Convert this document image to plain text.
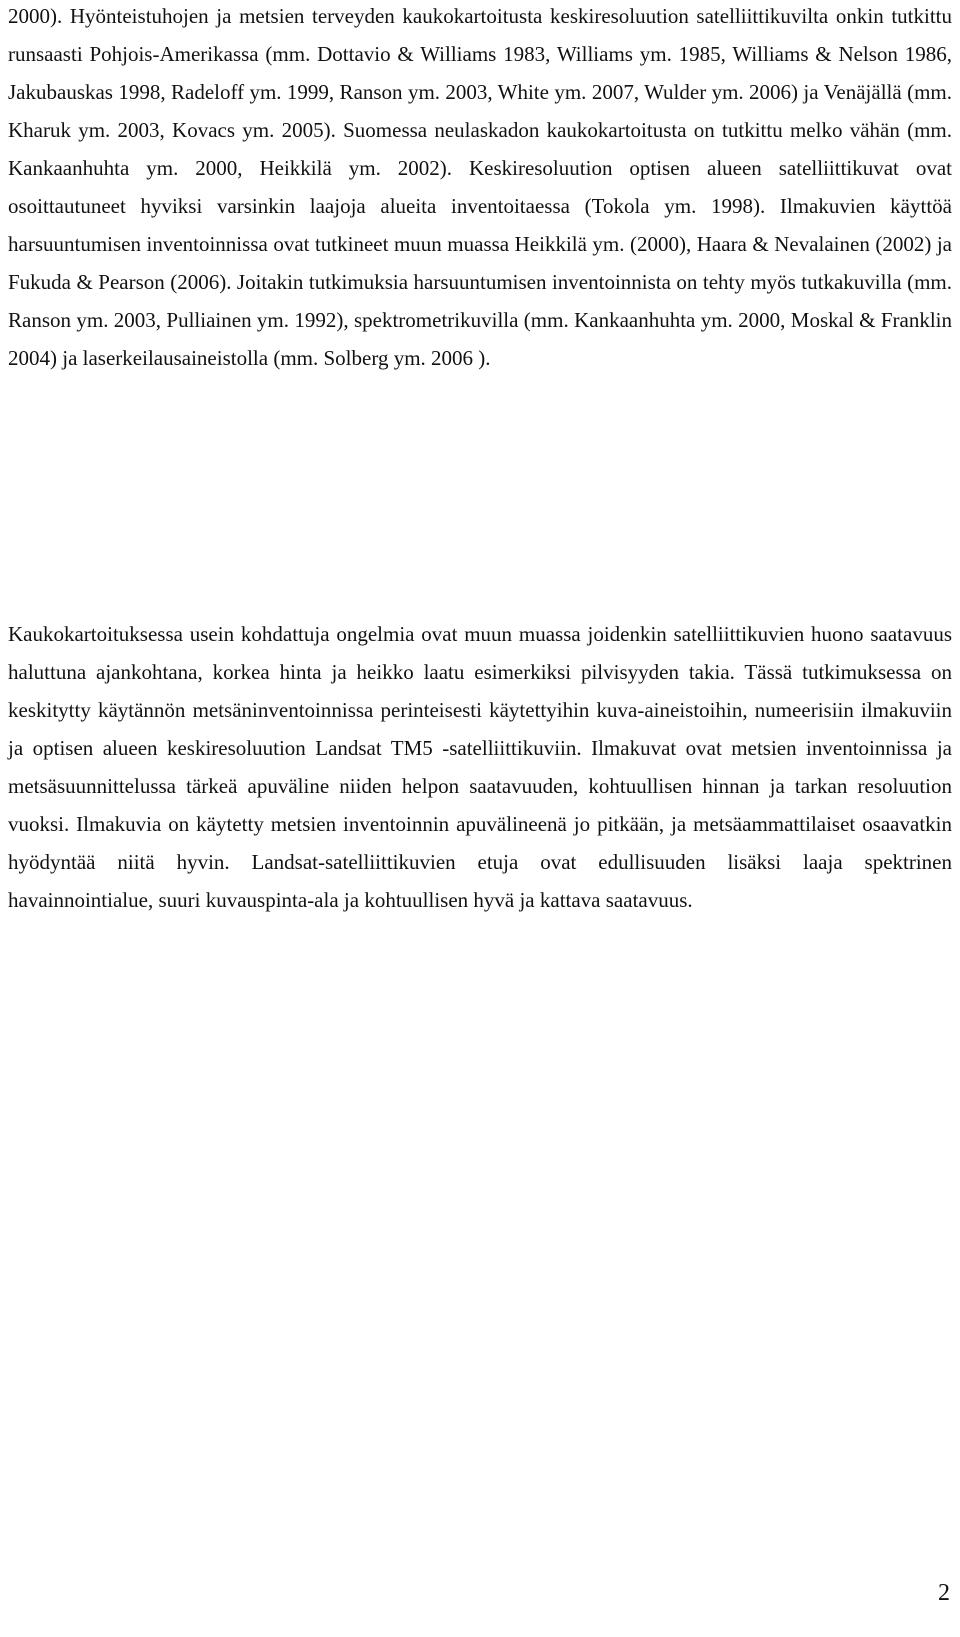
2000). Hyönteistuhojen ja metsien terveyden kaukokartoitusta keskiresoluution satelliittikuvilta onkin tutkittu runsaasti Pohjois-Amerikassa (mm. Dottavio & Williams 1983, Williams ym. 1985, Williams & Nelson 1986, Jakubauskas 1998, Radeloff ym. 1999, Ranson ym. 2003, White ym. 2007, Wulder ym. 2006) ja Venäjällä (mm. Kharuk ym. 2003, Kovacs ym. 2005). Suomessa neulaskadon kaukokartoitusta on tutkittu melko vähän (mm. Kankaanhuhta ym. 2000, Heikkilä ym. 2002). Keskiresoluution optisen alueen satelliittikuvat ovat osoittautuneet hyviksi varsinkin laajoja alueita inventoitaessa (Tokola ym. 1998). Ilmakuvien käyttöä harsuuntumisen inventoinnissa ovat tutkineet muun muassa Heikkilä ym. (2000), Haara & Nevalainen (2002) ja Fukuda & Pearson (2006). Joitakin tutkimuksia harsuuntumisen inventoinnista on tehty myös tutkakuvilla (mm. Ranson ym. 2003, Pulliainen ym. 1992), spektrometrikuvilla (mm. Kankaanhuhta ym. 2000, Moskal & Franklin 2004) ja laserkeilausaineistolla (mm. Solberg ym. 2006 ).

Kaukokartoituksessa usein kohdattuja ongelmia ovat muun muassa joidenkin satelliittikuvien huono saatavuus haluttuna ajankohtana, korkea hinta ja heikko laatu esimerkiksi pilvisyyden takia. Tässä tutkimuksessa on keskitytty käytännön metsäninventoinnissa perinteisesti käytettyihin kuva-aineistoihin, numeerisiin ilmakuviin ja optisen alueen keskiresoluution Landsat TM5 -satelliittikuviin. Ilmakuvat ovat metsien inventoinnissa ja metsäsuunnittelussa tärkeä apuväline niiden helpon saatavuuden, kohtuullisen hinnan ja tarkan resoluution vuoksi. Ilmakuvia on käytetty metsien inventoinnin apuvälineenä jo pitkään, ja metsäammattilaiset osaavatkin hyödyntää niitä hyvin. Landsat-satelliittikuvien etuja ovat edullisuuden lisäksi laaja spektrinen havainnointialue, suuri kuvauspinta-ala ja kohtuullisen hyvä ja kattava saatavuus.

2
